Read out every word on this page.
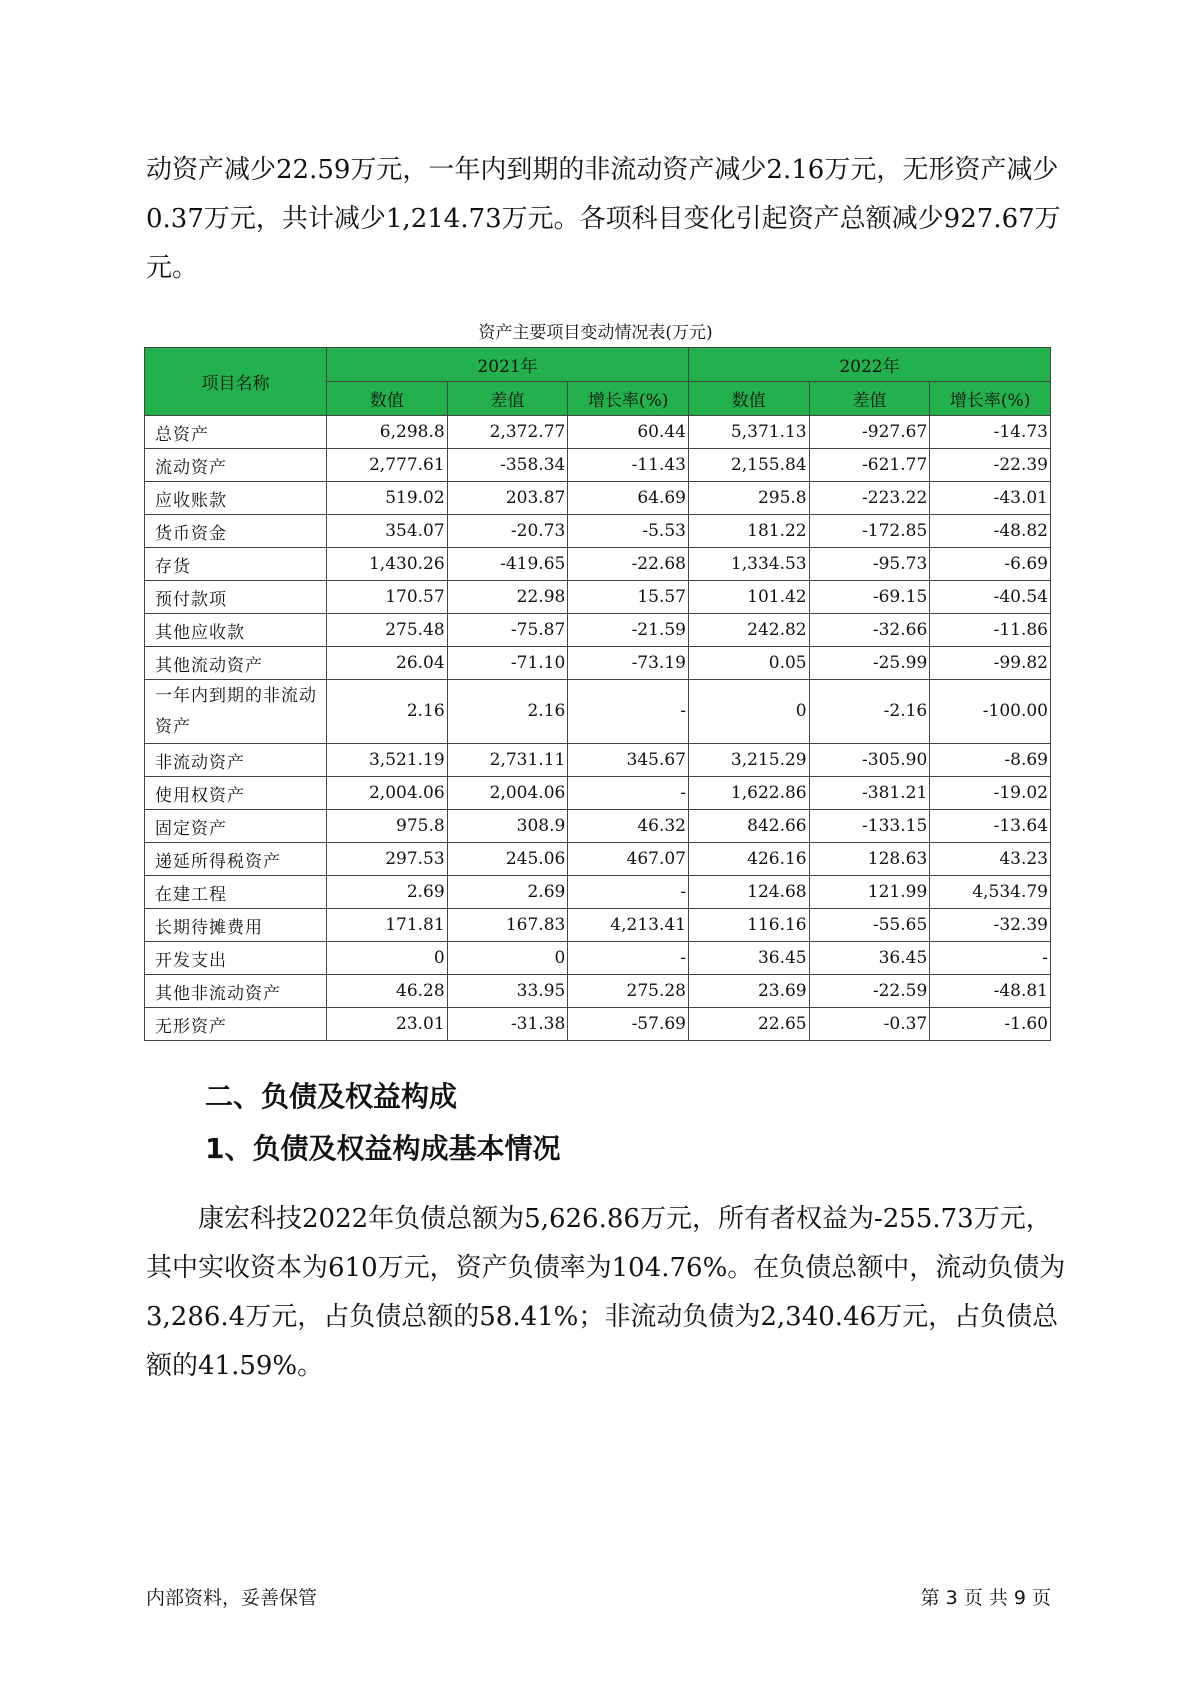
动资产减少22.59万元，一年内到期的非流动资产减少2.16万元，无形资产减少0.37万元，共计减少1,214.73万元。各项科目变化引起资产总额减少927.67万元。

资产主要项目变动情况表(万元)
项目名称	2021年			2022年		
	数值	差值	增长率(%)	数值	差值	增长率(%)
总资产	6,298.8	2,372.77	60.44	5,371.13	-927.67	-14.73
流动资产	2,777.61	-358.34	-11.43	2,155.84	-621.77	-22.39
应收账款	519.02	203.87	64.69	295.8	-223.22	-43.01
货币资金	354.07	-20.73	-5.53	181.22	-172.85	-48.82
存货	1,430.26	-419.65	-22.68	1,334.53	-95.73	-6.69
预付款项	170.57	22.98	15.57	101.42	-69.15	-40.54
其他应收款	275.48	-75.87	-21.59	242.82	-32.66	-11.86
其他流动资产	26.04	-71.10	-73.19	0.05	-25.99	-99.82
一年内到期的非流动资产	2.16	2.16	-	0	-2.16	-100.00
非流动资产	3,521.19	2,731.11	345.67	3,215.29	-305.90	-8.69
使用权资产	2,004.06	2,004.06	-	1,622.86	-381.21	-19.02
固定资产	975.8	308.9	46.32	842.66	-133.15	-13.64
递延所得税资产	297.53	245.06	467.07	426.16	128.63	43.23
在建工程	2.69	2.69	-	124.68	121.99	4,534.79
长期待摊费用	171.81	167.83	4,213.41	116.16	-55.65	-32.39
开发支出	0	0	-	36.45	36.45	-
其他非流动资产	46.28	33.95	275.28	23.69	-22.59	-48.81
无形资产	23.01	-31.38	-57.69	22.65	-0.37	-1.60
二、负债及权益构成
1、负债及权益构成基本情况

康宏科技2022年负债总额为5,626.86万元，所有者权益为-255.73万元，其中实收资本为610万元，资产负债率为104.76%。在负债总额中，流动负债为3,286.4万元，占负债总额的58.41%；非流动负债为2,340.46万元，占负债总额的41.59%。

内部资料，妥善保管	第 3 页 共 9 页
